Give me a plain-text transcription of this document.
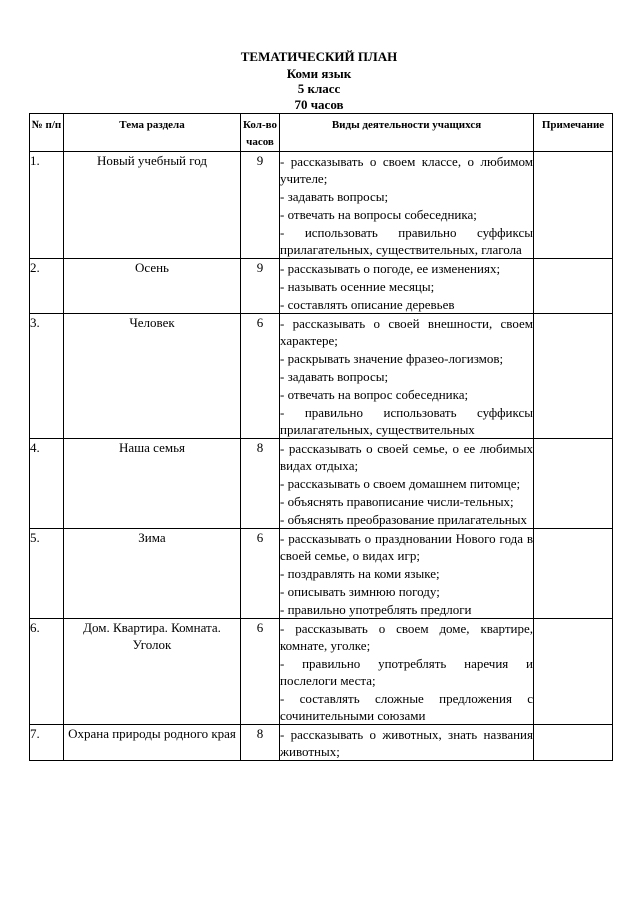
ТЕМАТИЧЕСКИЙ ПЛАН
Коми язык
5 класс
70 часов
№ п/п	Тема раздела	Кол-во часов	Виды деятельности учащихся	Примечание
1.	Новый учебный год	9	- рассказывать о своем классе, о любимом учителе;
- задавать вопросы;
- отвечать на вопросы собеседника;
- использовать правильно суффиксы прилагательных, существительных, глагола	

2.	Осень	9	- рассказывать о погоде, ее изменениях;
- называть осенние месяцы;
- составлять описание деревьев	

3.	Человек	6	- рассказывать о своей внешности, своем характере;
- раскрывать значение фразео-логизмов;
- задавать вопросы;
- отвечать на вопрос собеседника;
- правильно использовать суффиксы прилагательных, существительных	

4.	Наша семья	8	- рассказывать о своей семье, о ее любимых видах отдыха;
- рассказывать о своем домашнем питомце;
- объяснять правописание числи-тельных;
- объяснять преобразование прилагательных	

5.	Зима	6	- рассказывать о праздновании Нового года в своей семье, о видах игр;
- поздравлять на коми языке;
- описывать зимнюю погоду;
- правильно употреблять предлоги	

6.	Дом. Квартира. Комната. Уголок	6	- рассказывать о своем доме, квартире, комнате, уголке;
- правильно употреблять наречия и послелоги места;
- составлять сложные предложения с сочинительными союзами	

7.	Охрана природы родного края	8	- рассказывать о животных, знать названия животных;	
